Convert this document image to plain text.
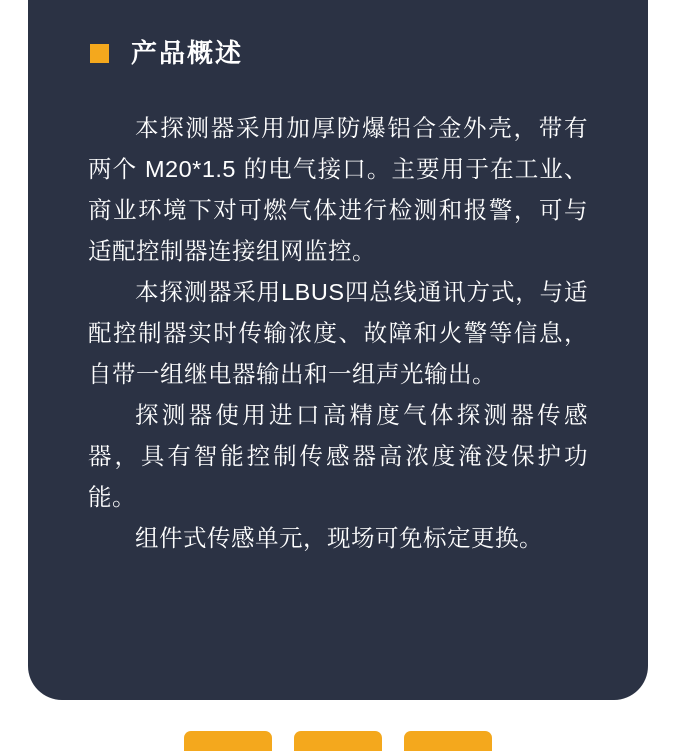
产品概述

本探测器采用加厚防爆铝合金外壳，带有两个 M20*1.5 的电气接口。主要用于在工业、商业环境下对可燃气体进行检测和报警，可与适配控制器连接组网监控。

本探测器采用LBUS四总线通讯方式，与适配控制器实时传输浓度、故障和火警等信息，自带一组继电器输出和一组声光输出。

探测器使用进口高精度气体探测器传感器，具有智能控制传感器高浓度淹没保护功能。

组件式传感单元，现场可免标定更换。
